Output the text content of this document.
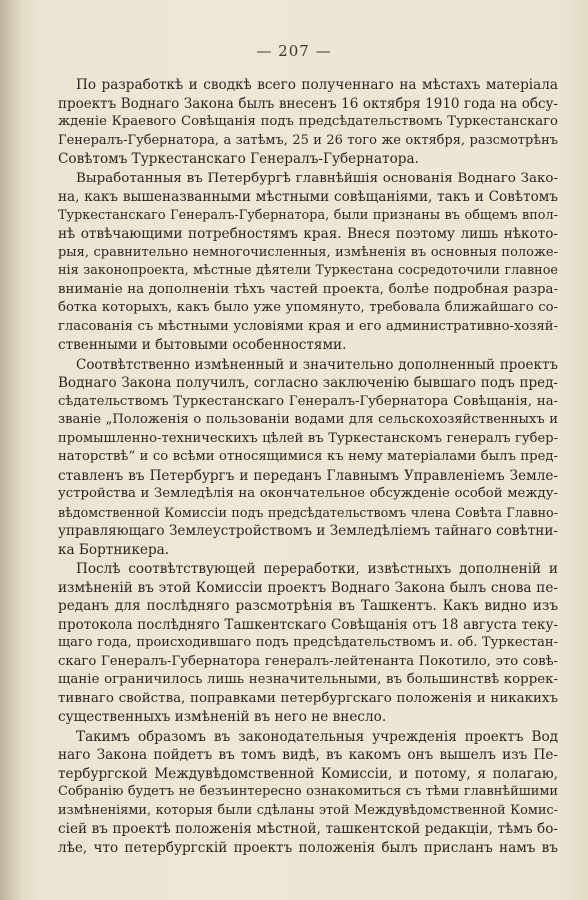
— 207 —

По разработкѣ и сводкѣ всего полученнаго на мѣстахъ матеріала
проектъ Воднаго Закона былъ внесенъ 16 октября 1910 года на обсу-
жденіе Краевого Совѣщанія подъ предсѣдательствомъ Туркестанскаго
Генералъ-Губернатора, а затѣмъ, 25 и 26 того же октября, разсмотрѣнъ
Совѣтомъ Туркестанскаго Генералъ-Губернатора.

Выработанныя въ Петербургѣ главнѣйшія основанія Воднаго Зако-
на, какъ вышеназванными мѣстными совѣщаніями, такъ и Совѣтомъ
Туркестанскаго Генералъ-Губернатора, были признаны въ общемъ впол-
нѣ отвѣчающими потребностямъ края. Внеся поэтому лишь нѣкото-
рыя, сравнительно немногочисленныя, измѣненія въ основныя положе-
нія законопроекта, мѣстные дѣятели Туркестана сосредоточили главное
вниманіе на дополненіи тѣхъ частей проекта, болѣе подробная разра-
ботка которыхъ, какъ было уже упомянуто, требовала ближайшаго со-
гласованія съ мѣстными условіями края и его административно-хозяй-
ственными и бытовыми особенностями.

Соотвѣтственно измѣненный и значительно дополненный проектъ
Воднаго Закона получилъ, согласно заключенію бывшаго подъ пред-
сѣдательствомъ Туркестанскаго Генералъ-Губернатора Совѣщанія, на-
званіе „Положенія о пользованіи водами для сельскохозяйственныхъ и
промышленно-техническихъ цѣлей въ Туркестанскомъ генералъ губер-
наторствѣ“ и со всѣми относящимися къ нему матеріалами былъ пред-
ставленъ въ Петербургъ и переданъ Главнымъ Управленіемъ Земле-
устройства и Земледѣлія на окончательное обсужденіе особой между-
вѣдомственной Комиссіи подъ предсѣдательствомъ члена Совѣта Главно-
управляющаго Землеустройствомъ и Земледѣліемъ тайнаго совѣтни-
ка Бортникера.

Послѣ соотвѣтствующей переработки, извѣстныхъ дополненій и
измѣненій въ этой Комиссіи проектъ Воднаго Закона былъ снова пе-
реданъ для послѣдняго разсмотрѣнія въ Ташкентъ. Какъ видно изъ
протокола послѣдняго Ташкентскаго Совѣщанія отъ 18 августа теку-
щаго года, происходившаго подъ предсѣдательствомъ и. об. Туркестан-
скаго Генералъ-Губернатора генералъ-лейтенанта Покотило, это совѣ-
щаніе ограничилось лишь незначительными, въ большинствѣ коррек-
тивнаго свойства, поправками петербургскаго положенія и никакихъ
существенныхъ измѣненій въ него не внесло.

Такимъ образомъ въ законодательныя учрежденія проектъ Вод
наго Закона пойдетъ въ томъ видѣ, въ какомъ онъ вышелъ изъ Пе-
тербургской Междувѣдомственной Комиссіи, и потому, я полагаю,
Собранію будетъ не безъинтересно ознакомиться съ тѣми главнѣйшими
измѣненіями, которыя были сдѣланы этой Междувѣдомственной Комис-
сіей въ проектѣ положенія мѣстной, ташкентской редакціи, тѣмъ бо-
лѣе, что петербургскій проектъ положенія былъ присланъ намъ въ
